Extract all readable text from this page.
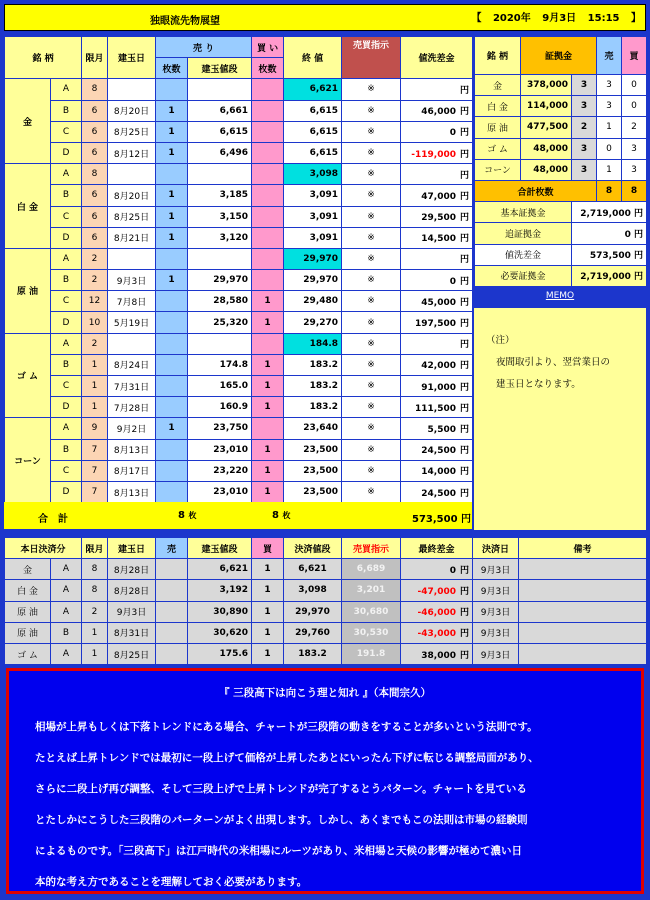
独眼流先物展望	【 2020年 9月3日 15:15 】
銘 柄		限月	建玉日	売 り		買 い	終 値	売買指示	値洗差金
				枚数	建玉値段	枚数			
金	A	8					6,621	※	円
	B	6	8月20日	1	6,661		6,615	※	46,000 円
	C	6	8月25日	1	6,615		6,615	※	0 円
	D	6	8月12日	1	6,496		6,615	※	-119,000 円
白 金	A	8					3,098	※	円
	B	6	8月20日	1	3,185		3,091	※	47,000 円
	C	6	8月25日	1	3,150		3,091	※	29,500 円
	D	6	8月21日	1	3,120		3,091	※	14,500 円
原 油	A	2					29,970	※	円
	B	2	9月3日	1	29,970		29,970	※	0 円
	C	12	7月8日		28,580	1	29,480	※	45,000 円
	D	10	5月19日		25,320	1	29,270	※	197,500 円
ゴ ム	A	2					184.8	※	円
	B	1	8月24日		174.8	1	183.2	※	42,000 円
	C	1	7月31日		165.0	1	183.2	※	91,000 円
	D	1	7月28日		160.9	1	183.2	※	111,500 円
コーン	A	9	9月2日	1	23,750		23,640	※	5,500 円
	B	7	8月13日		23,010	1	23,500	※	24,500 円
	C	7	8月17日		23,220	1	23,500	※	14,000 円
	D	7	8月13日		23,010	1	23,500	※	24,500 円
合　計	8 枚	8 枚	573,500 円
銘 柄	証拠金		売	買
金	378,000	3	3	0
白 金	114,000	3	3	0
原 油	477,500	2	1	2
ゴ ム	48,000	3	0	3
コーン	48,000	3	1	3
合計枚数			8	8
基本証拠金		2,719,000 円		
追証拠金		0 円		
値洗差金		573,500 円		
必要証拠金		2,719,000 円		
MEMO
（注）
夜間取引より、翌営業日の
建玉日となります。
本日決済分		限月	建玉日	売	建玉値段	買	決済値段	売買指示	最終差金	決済日	備考
金	A	8	8月28日		6,621	1	6,621	6,689	0 円	9月3日	
白 金	A	8	8月28日		3,192	1	3,098	3,201	-47,000 円	9月3日	
原 油	A	2	9月3日		30,890	1	29,970	30,680	-46,000 円	9月3日	
原 油	B	1	8月31日		30,620	1	29,760	30,530	-43,000 円	9月3日	
ゴ ム	A	1	8月25日		175.6	1	183.2	191.8	38,000 円	9月3日	
『 三段高下は向こう理と知れ 』（本間宗久）
相場が上昇もしくは下落トレンドにある場合、チャートが三段階の動きをすることが多いという法則です。
たとえば上昇トレンドでは最初に一段上げて価格が上昇したあとにいったん下げに転じる調整局面があり、
さらに二段上げ再び調整、そして三段上げで上昇トレンドが完了するとうパターン。チャートを見ている
とたしかにこうした三段階のパーターンがよく出現します。しかし、あくまでもこの法則は市場の経験則
によるものです。「三段高下」は江戸時代の米相場にルーツがあり、米相場と天候の影響が極めて濃い日
本的な考え方であることを理解しておく必要があります。
